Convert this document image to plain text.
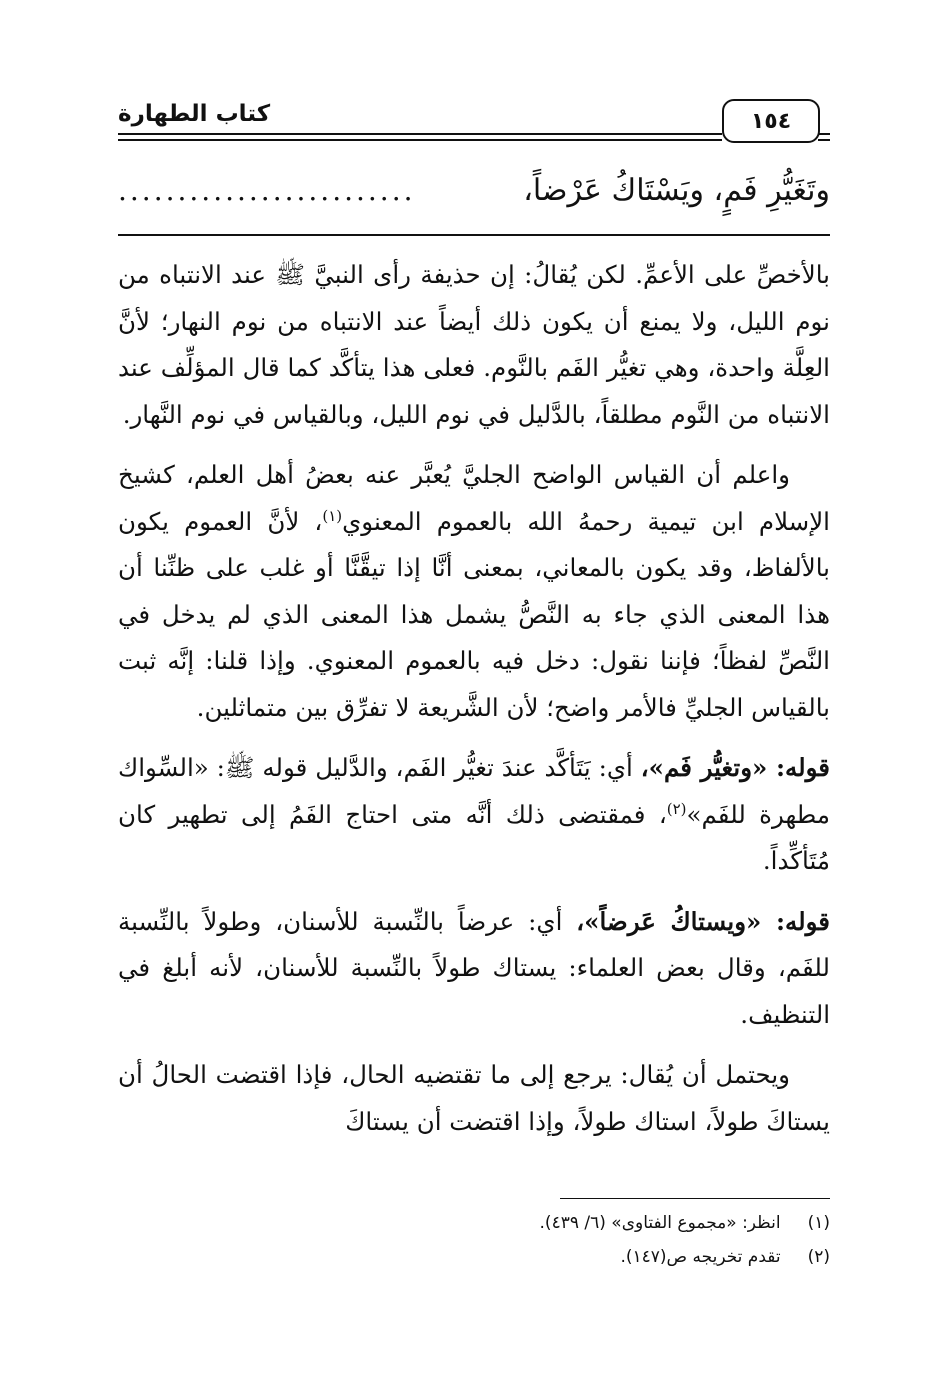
كتاب الطهارة	١٥٤
وتَغَيُّرِ فَمٍ، ويَسْتَاكُ عَرْضاً،
.........................

بالأخصِّ على الأعمِّ. لكن يُقالُ: إن حذيفة رأى النبيَّ ﷺ عند الانتباه من نوم الليل، ولا يمنع أن يكون ذلك أيضاً عند الانتباه من نوم النهار؛ لأنَّ العِلَّة واحدة، وهي تغيُّر الفَم بالنَّوم. فعلى هذا يتأكَّد كما قال المؤلِّف عند الانتباه من النَّوم مطلقاً، بالدَّليل في نوم الليل، وبالقياس في نوم النَّهار.

واعلم أن القياس الواضح الجليَّ يُعبَّر عنه بعضُ أهل العلم، كشيخ الإسلام ابن تيمية رحمهُ الله بالعموم المعنوي$^{(١)}$، لأنَّ العموم يكون بالألفاظ، وقد يكون بالمعاني، بمعنى أنَّا إذا تيقَّنَّا أو غلب على ظنِّنا أن هذا المعنى الذي جاء به النَّصُّ يشمل هذا المعنى الذي لم يدخل في النَّصِّ لفظاً؛ فإننا نقول: دخل فيه بالعموم المعنوي. وإذا قلنا: إنَّه ثبت بالقياس الجليِّ فالأمر واضح؛ لأن الشَّريعة لا تفرِّق بين متماثلين.

قوله: «وتغيُّر فَم»، أي: يَتَأكَّد عندَ تغيُّر الفَم، والدَّليل قوله ﷺ: «السِّواك مطهرة للفَم»$^{(٢)}$، فمقتضى ذلك أنَّه متى احتاج الفَمُ إلى تطهير كان مُتَأكِّداً.

قوله: «ويستاكُ عَرضاً»، أي: عرضاً بالنِّسبة للأسنان، وطولاً بالنِّسبة للفَم، وقال بعض العلماء: يستاك طولاً بالنِّسبة للأسنان، لأنه أبلغ في التنظيف.

ويحتمل أن يُقال: يرجع إلى ما تقتضيه الحال، فإذا اقتضت الحالُ أن يستاكَ طولاً، استاك طولاً، وإذا اقتضت أن يستاكَ

(١) انظر: «مجموع الفتاوى» (٦/ ٤٣٩).
(٢) تقدم تخريجه ص(١٤٧).
